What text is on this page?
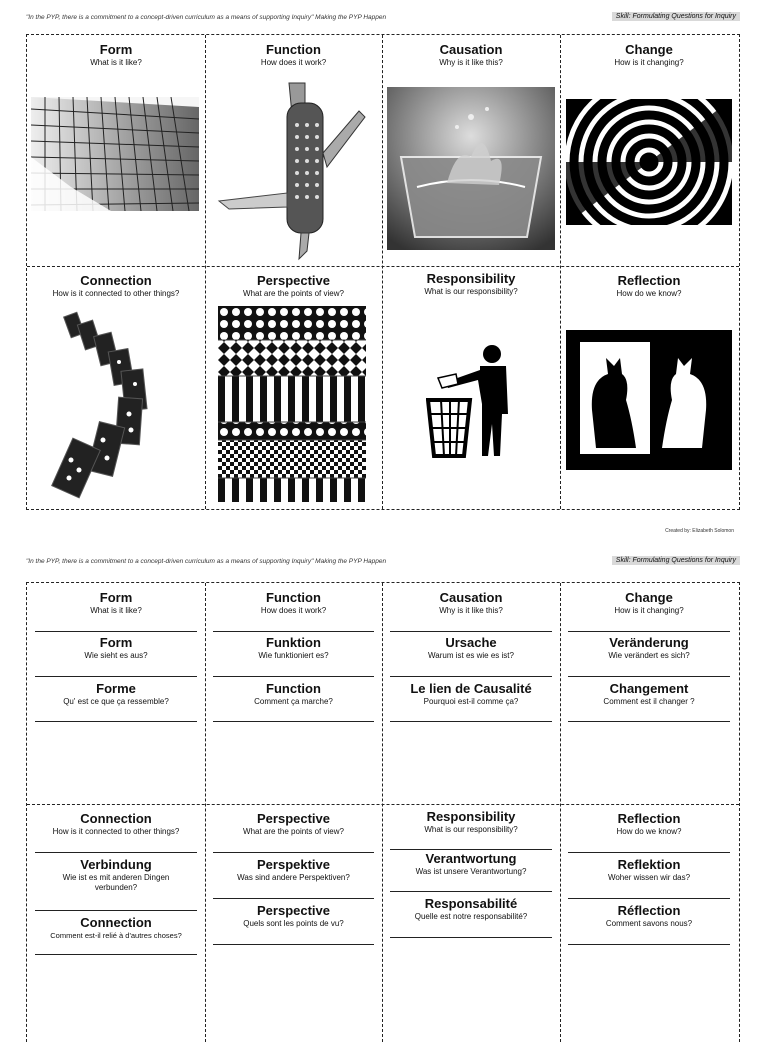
"In the PYP, there is a commitment to a concept-driven curriculum as a means of supporting Inquiry" Making the PYP Happen	Skill: Formulating Questions for Inquiry
Form
What is it like?
Function
How does it work?
Causation
Why is it like this?
Change
How is it changing?
Connection
How is it connected to other things?
Perspective
What are the points of view?
Responsibility
What is our responsibility?
Reflection
How do we know?
Created by: Elizabeth Solomon
"In the PYP, there is a commitment to a concept-driven curriculum as a means of supporting Inquiry" Making the PYP Happen	Skill: Formulating Questions for Inquiry
Form
What is it like?
Form
Wie sieht es aus?
Forme
Qu' est ce que ça ressemble?
Function
How does it work?
Funktion
Wie funktioniert es?
Function
Comment ça marche?
Causation
Why is it like this?
Ursache
Warum ist es wie es ist?
Le lien de Causalité
Pourquoi est-il comme ça?
Change
How is it changing?
Veränderung
Wie verändert es sich?
Changement
Comment est il changer ?
Connection
How is it connected to other things?
Verbindung
Wie ist es mit anderen Dingen verbunden?
Connection
Comment est-il relié à d'autres choses?
Perspective
What are the points of view?
Perspektive
Was sind andere Perspektiven?
Perspective
Quels sont les points de vu?
Responsibility
What is our responsibility?
Verantwortung
Was ist unsere Verantwortung?
Responsabilité
Quelle est notre responsabilité?
Reflection
How do we know?
Reflektion
Woher wissen wir das?
Réflection
Comment savons nous?
